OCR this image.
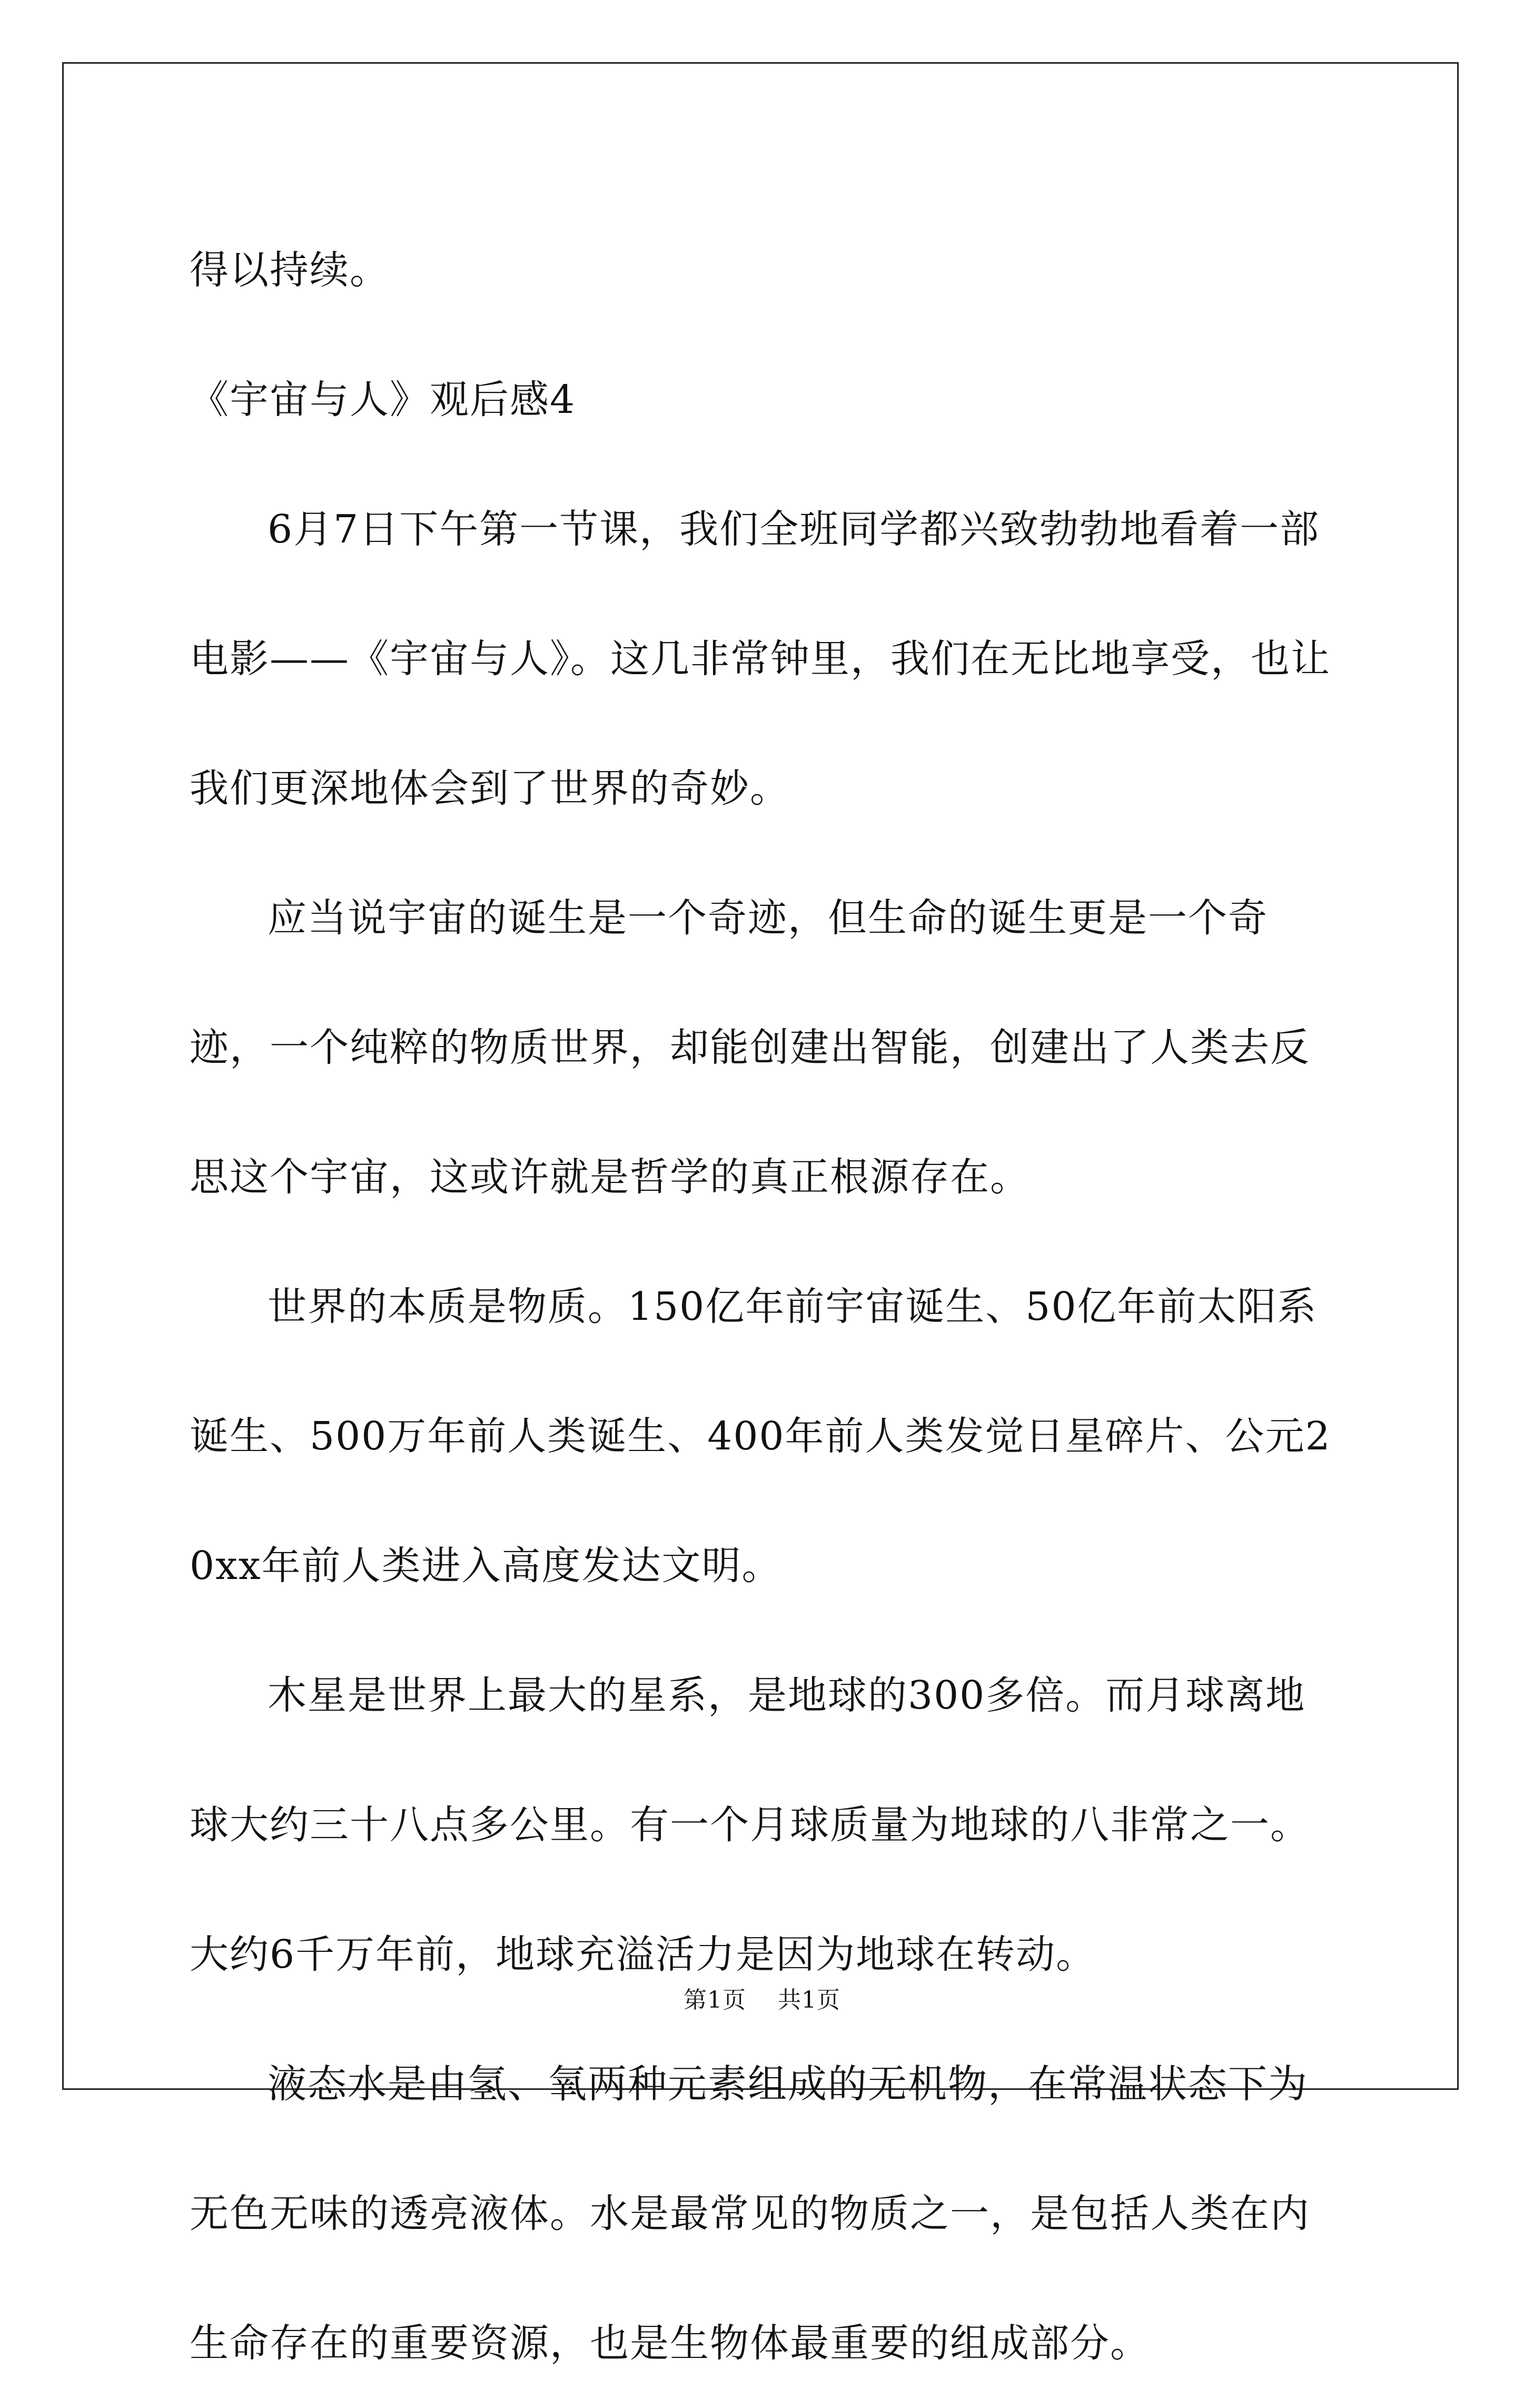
得以持续。

《宇宙与人》观后感4

6月7日下午第一节课，我们全班同学都兴致勃勃地看着一部电影——《宇宙与人》。这几非常钟里，我们在无比地享受，也让我们更深地体会到了世界的奇妙。

应当说宇宙的诞生是一个奇迹，但生命的诞生更是一个奇迹，一个纯粹的物质世界，却能创建出智能，创建出了人类去反思这个宇宙，这或许就是哲学的真正根源存在。

世界的本质是物质。150亿年前宇宙诞生、50亿年前太阳系诞生、500万年前人类诞生、400年前人类发觉日星碎片、公元20xx年前人类进入高度发达文明。

木星是世界上最大的星系，是地球的300多倍。而月球离地球大约三十八点多公里。有一个月球质量为地球的八非常之一。大约6千万年前，地球充溢活力是因为地球在转动。

液态水是由氢、氧两种元素组成的无机物，在常温状态下为无色无味的透亮液体。水是最常见的物质之一，是包括人类在内生命存在的重要资源，也是生物体最重要的组成部分。

第1页 共1页
